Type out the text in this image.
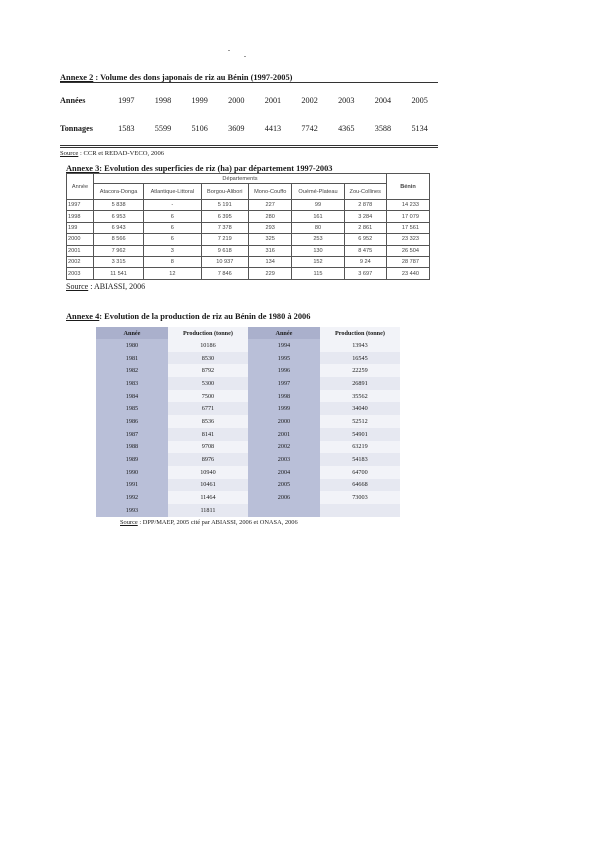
Annexe 2 : Volume des dons japonais de riz au Bénin (1997-2005)

Années	1997	1998	1999	2000	2001	2002	2003	2004	2005
Tonnages	1583	5599	5106	3609	4413	7742	4365	3588	5134
Source : CCR et REDAD-VECO, 2006

Annexe 3: Evolution des superficies de riz (ha) par département 1997-2003

Année	Départements						Bénin
	Atacora-Donga	Atlantique-Littoral	Borgou-Alibori	Mono-Couffo	Ouémé-Plateau	Zou-Collines	
1997	5 838	-	5 191	227	99	2 878	14 233
1998	6 953	6	6 395	280	161	3 284	17 079
199	6 943	6	7 378	293	80	2 861	17 561
2000	8 566	6	7 219	325	253	6 952	23 323
2001	7 962	3	9 618	316	130	8 475	26 504
2002	3 315	8	10 937	134	152	9 24	28 787
2003	11 541	12	7 846	229	115	3 697	23 440
Source : ABIASSI, 2006

Annexe 4: Evolution de la production de riz au Bénin de 1980 à 2006

Année	Production (tonne)	Année	Production (tonne)
1980	10186	1994	13943
1981	8530	1995	16545
1982	8792	1996	22259
1983	5300	1997	26891
1984	7500	1998	35562
1985	6771	1999	34040
1986	8536	2000	52512
1987	8141	2001	54901
1988	9708	2002	63219
1989	8976	2003	54183
1990	10940	2004	64700
1991	10461	2005	64668
1992	11464	2006	73003
1993	11811		
Source : DPP/MAEP, 2005 cité par ABIASSI, 2006 et ONASA, 2006
